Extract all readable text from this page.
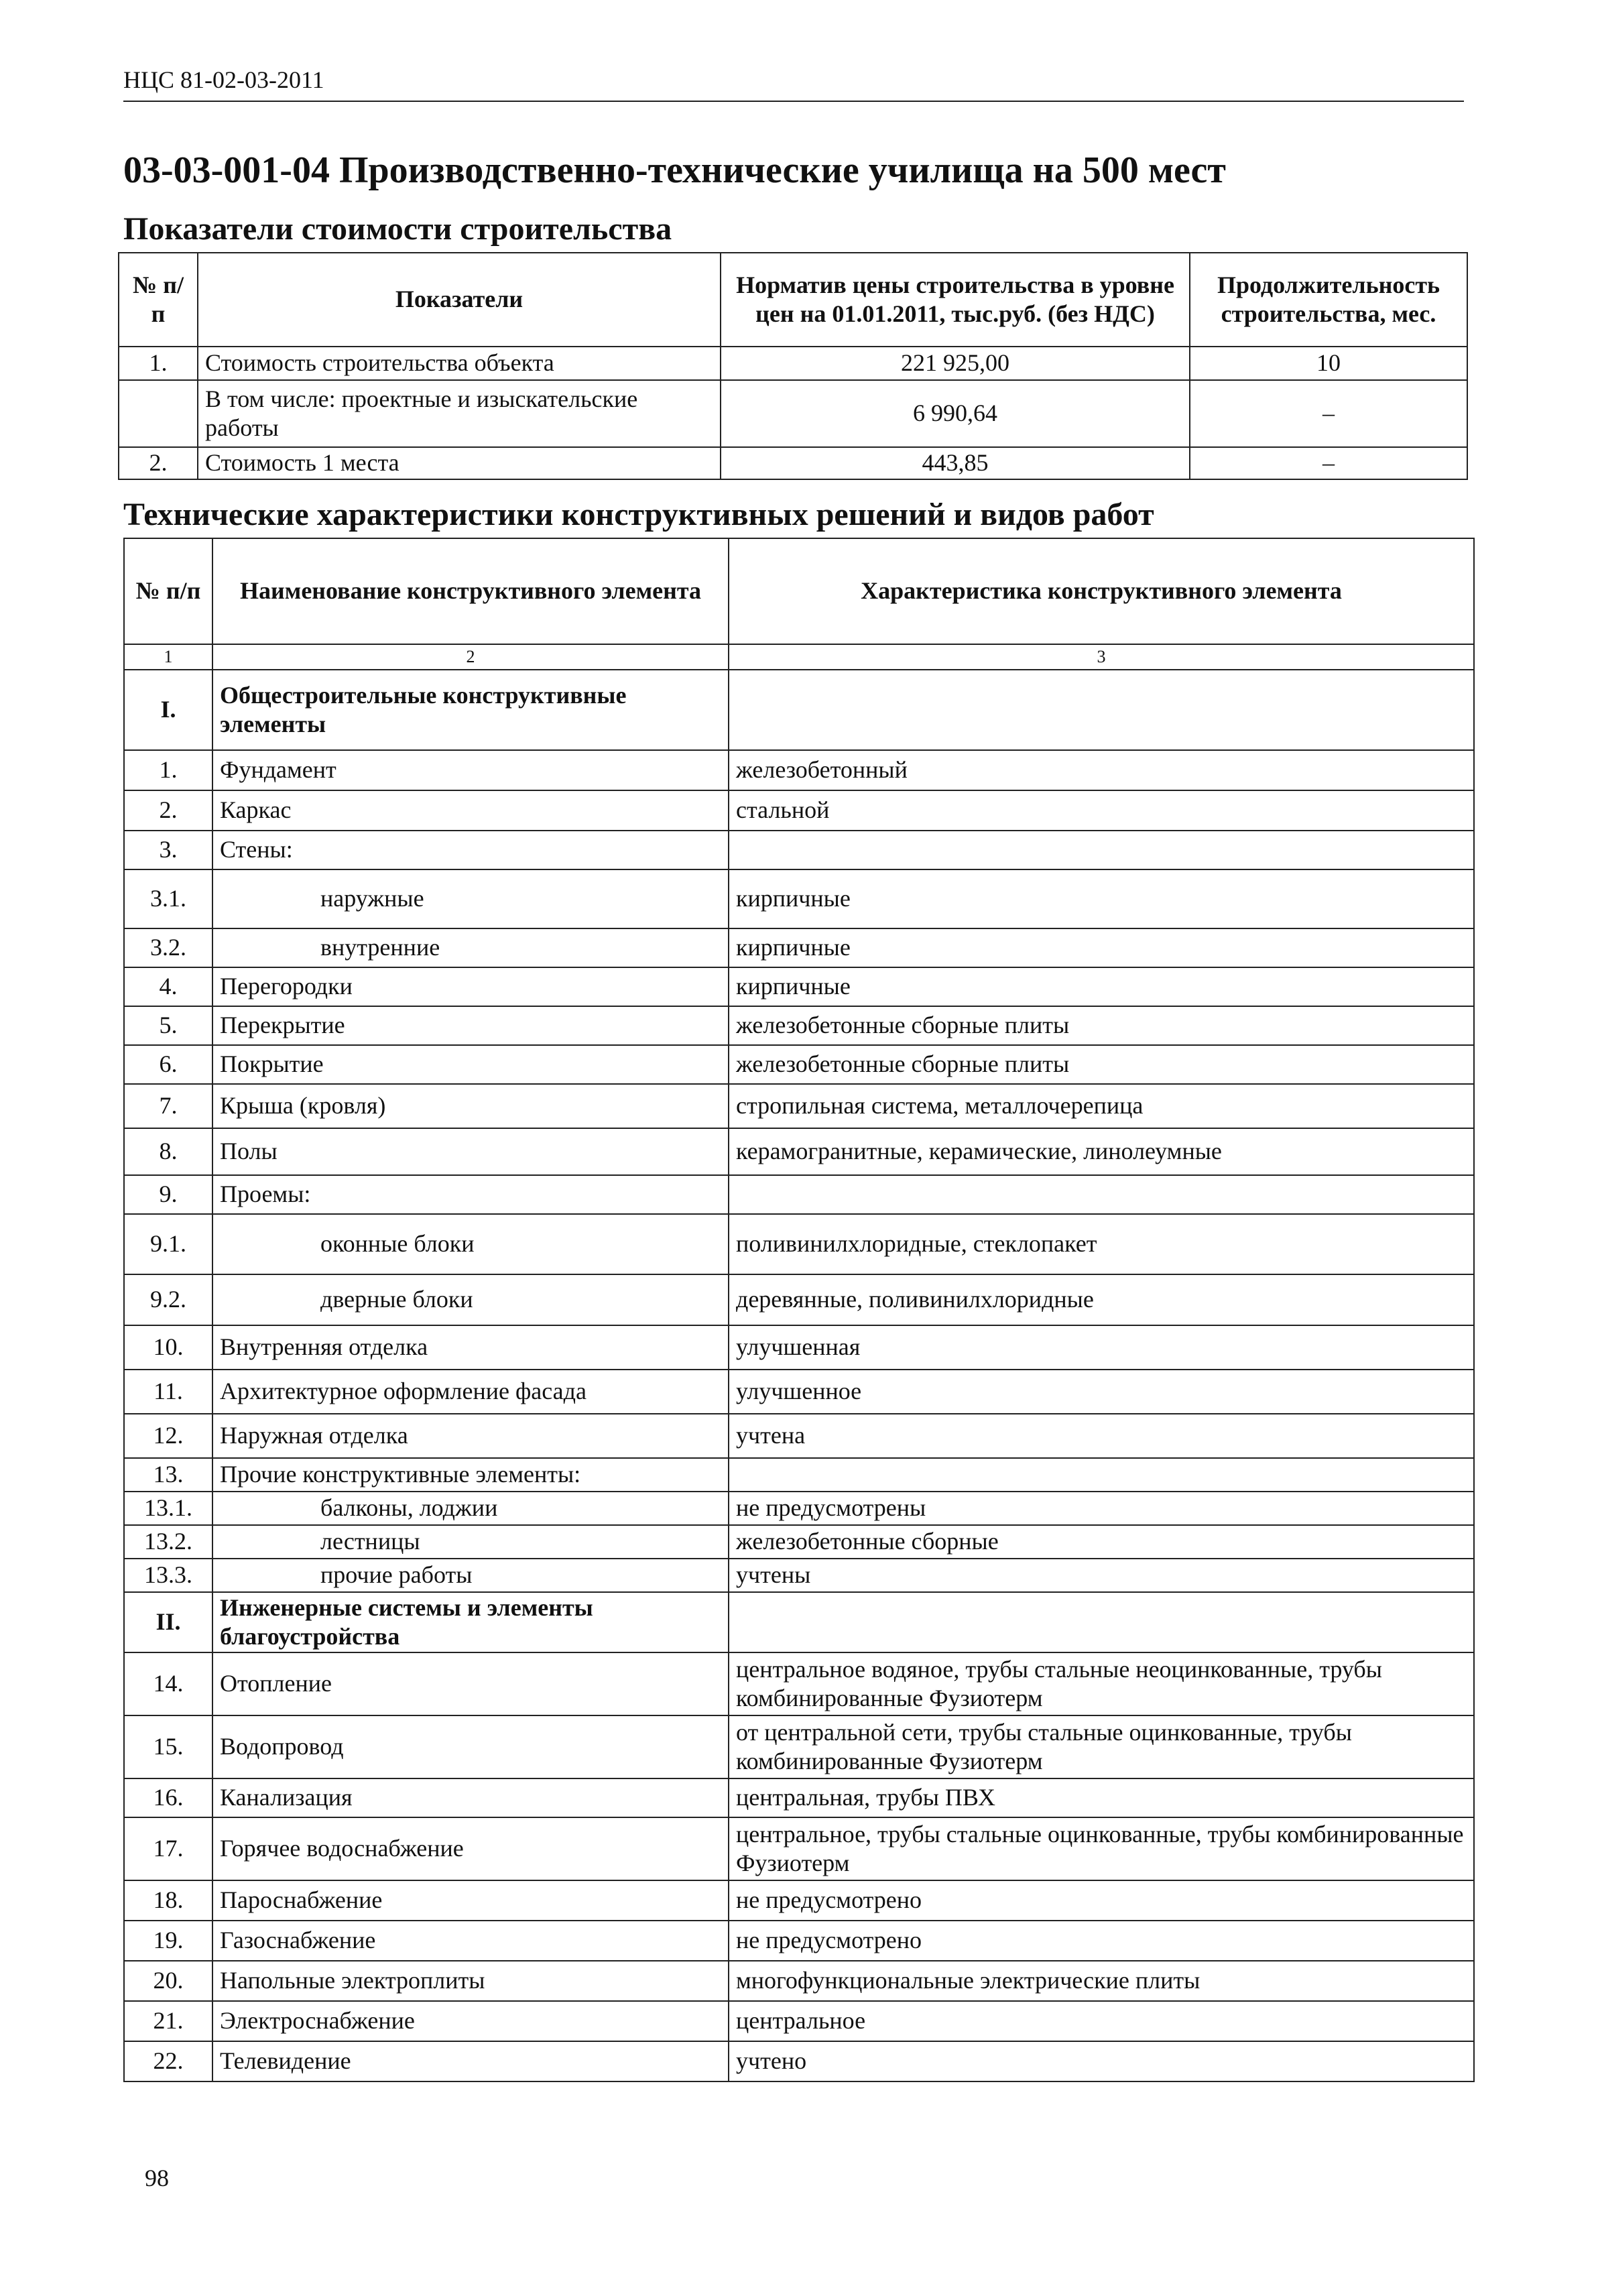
НЦС 81-02-03-2011
03-03-001-04 Производственно-технические училища на 500 мест
Показатели стоимости строительства
№ п/п	Показатели	Норматив цены строительства в уровне цен на 01.01.2011, тыс.руб. (без НДС)	Продолжительность строительства, мес.
1.	Стоимость строительства объекта	221 925,00	10
	В том числе: проектные и изыскательские работы	6 990,64	–
2.	Стоимость 1 места	443,85	–
Технические характеристики конструктивных решений и видов работ
№ п/п	Наименование конструктивного элемента	Характеристика конструктивного элемента
1	2	3
I.	Общестроительные конструктивные элементы	
1.	Фундамент	железобетонный
2.	Каркас	стальной
3.	Стены:	
3.1.	наружные	кирпичные
3.2.	внутренние	кирпичные
4.	Перегородки	кирпичные
5.	Перекрытие	железобетонные сборные плиты
6.	Покрытие	железобетонные сборные плиты
7.	Крыша (кровля)	стропильная система, металлочерепица
8.	Полы	керамогранитные, керамические, линолеумные
9.	Проемы:	
9.1.	оконные блоки	поливинилхлоридные, стеклопакет
9.2.	дверные блоки	деревянные, поливинилхлоридные
10.	Внутренняя отделка	улучшенная
11.	Архитектурное оформление фасада	улучшенное
12.	Наружная отделка	учтена
13.	Прочие конструктивные элементы:	
13.1.	балконы, лоджии	не предусмотрены
13.2.	лестницы	железобетонные сборные
13.3.	прочие работы	учтены
II.	Инженерные системы и элементы благоустройства	
14.	Отопление	центральное водяное, трубы стальные неоцинкованные, трубы комбинированные Фузиотерм
15.	Водопровод	от центральной сети, трубы стальные оцинкованные, трубы комбинированные Фузиотерм
16.	Канализация	центральная, трубы ПВХ
17.	Горячее водоснабжение	центральное, трубы стальные оцинкованные, трубы комбинированные Фузиотерм
18.	Пароснабжение	не предусмотрено
19.	Газоснабжение	не предусмотрено
20.	Напольные электроплиты	многофункциональные электрические плиты
21.	Электроснабжение	центральное
22.	Телевидение	учтено
98
